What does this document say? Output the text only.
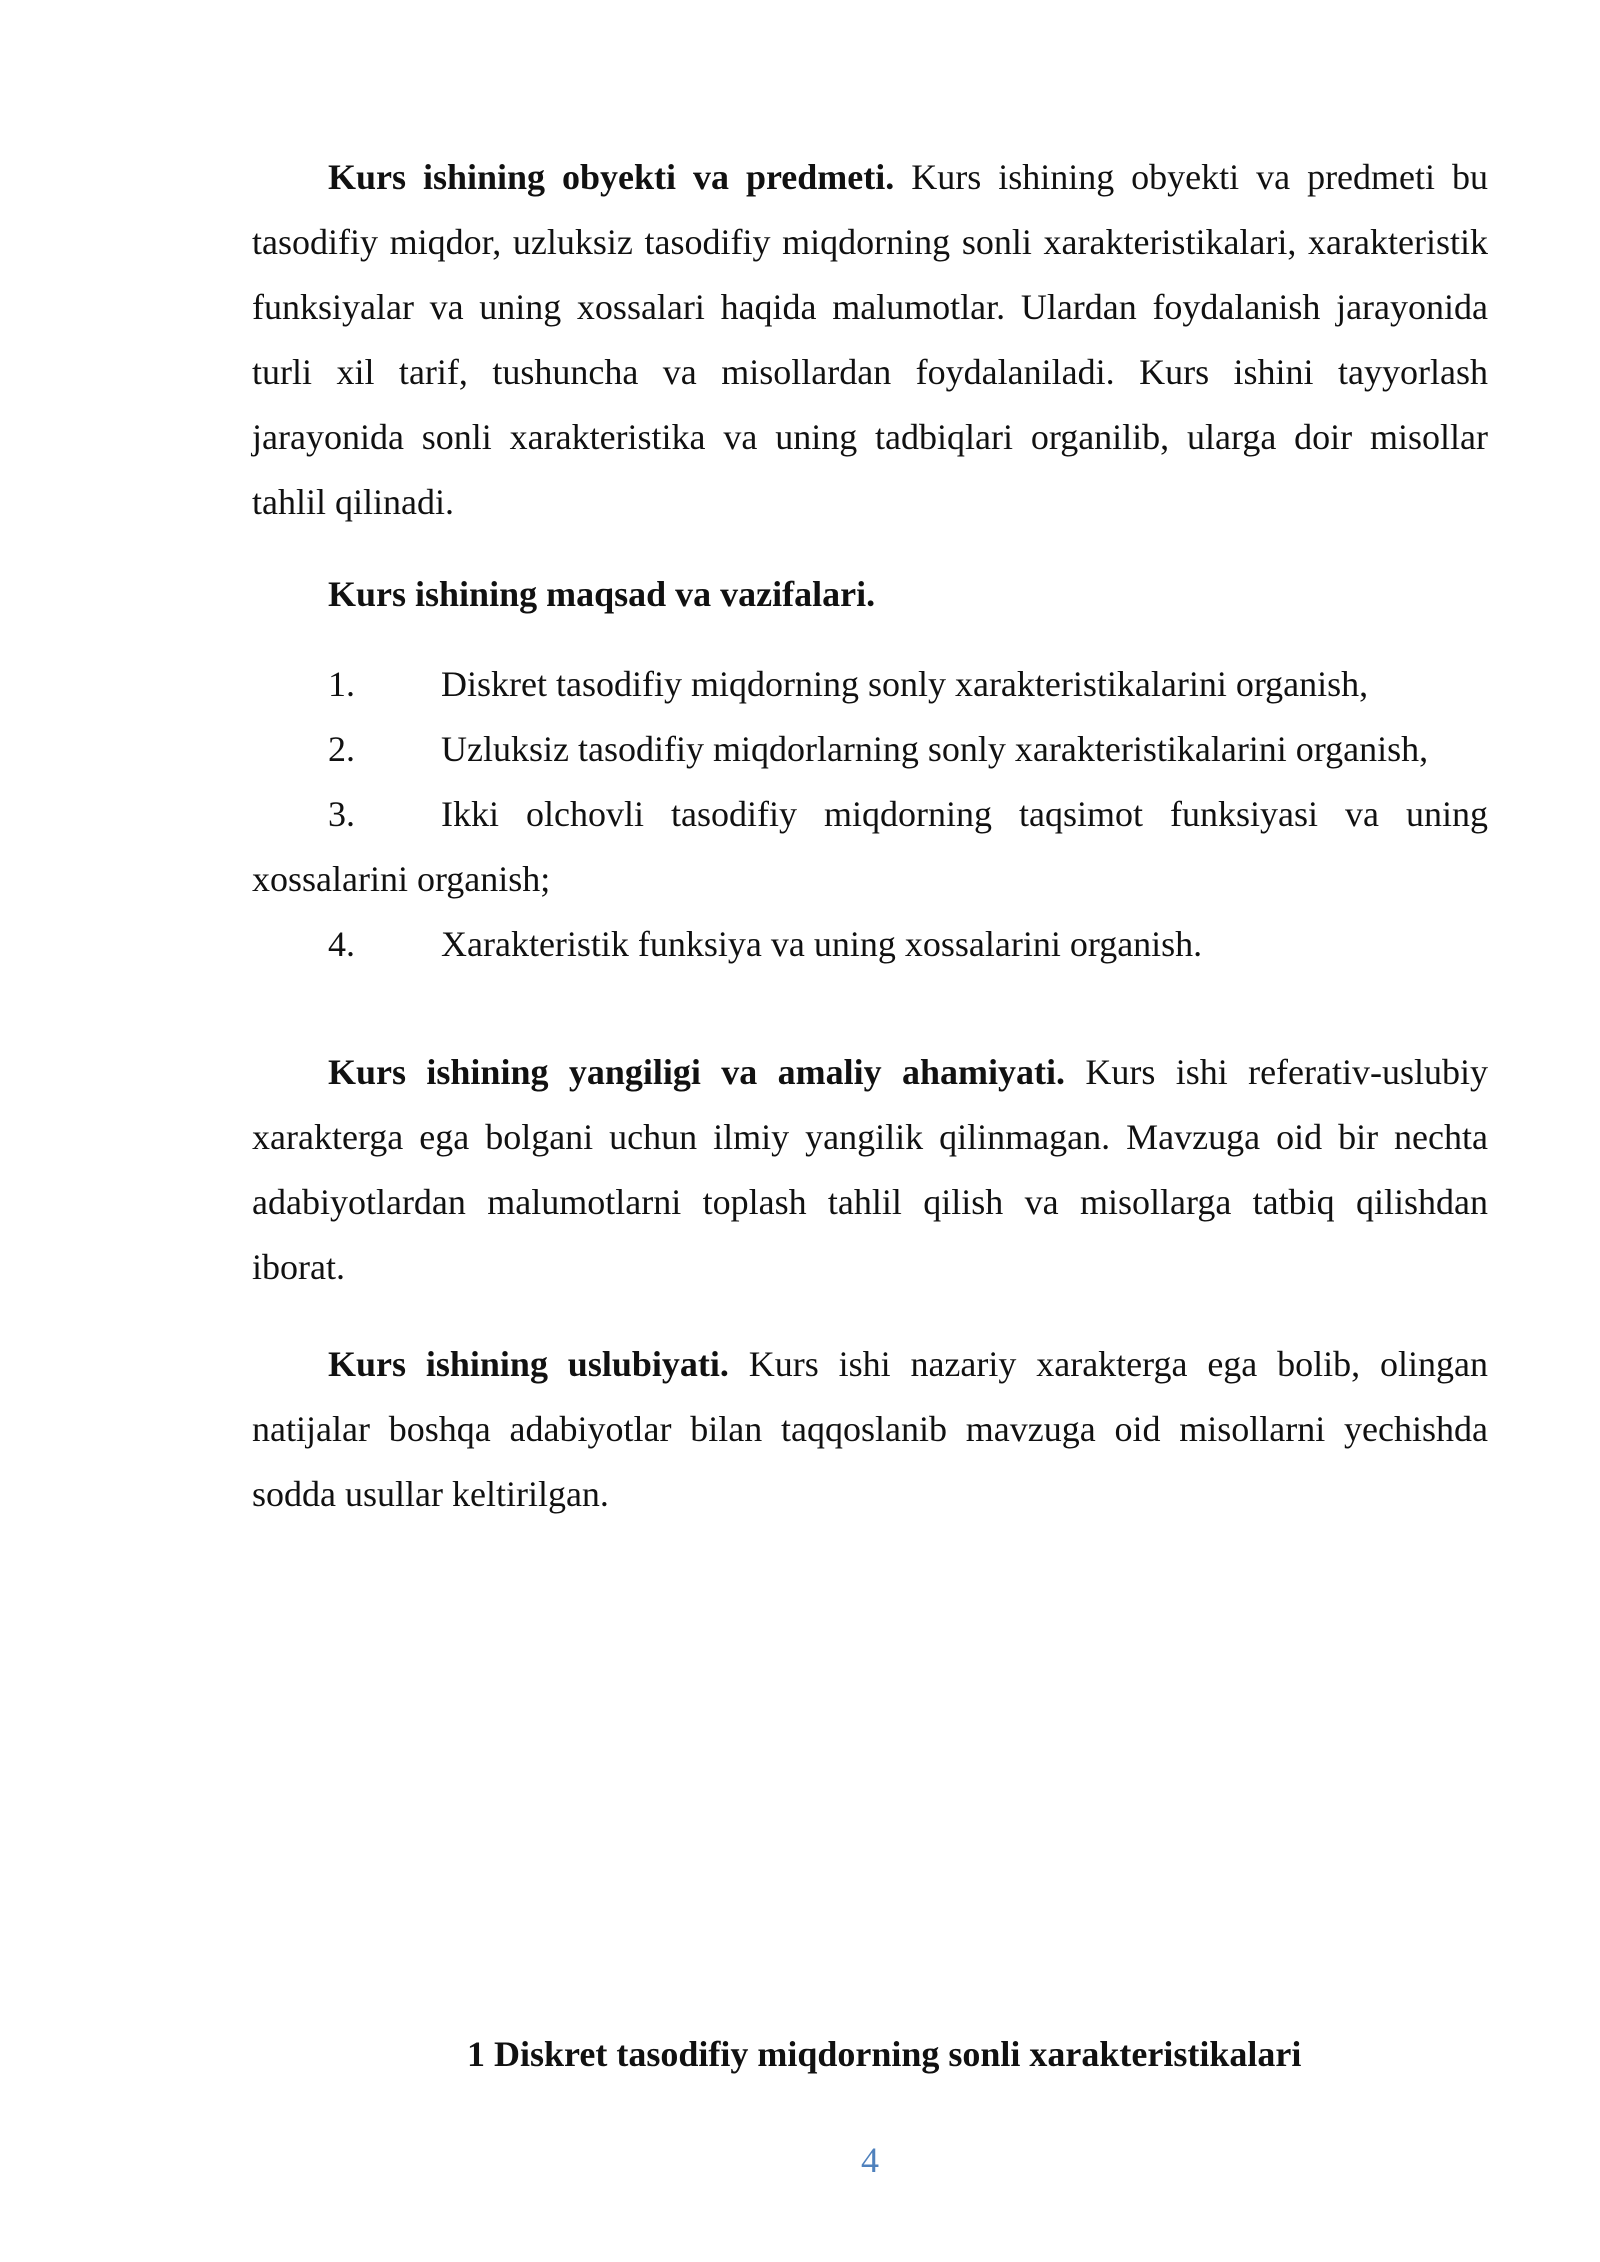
Kurs ishining obyekti va predmeti. Kurs ishining obyekti va predmeti bu tasodifiy miqdor, uzluksiz tasodifiy miqdorning sonli xarakteristikalari, xarakteristik funksiyalar va uning xossalari haqida malumotlar. Ulardan foydalanish jarayonida turli xil tarif, tushuncha va misollardan foydalaniladi. Kurs ishini tayyorlash jarayonida sonli xarakteristika va uning tadbiqlari organilib, ularga doir misollar tahlil qilinadi.

Kurs ishining maqsad va vazifalari.

1. Diskret tasodifiy miqdorning sonly xarakteristikalarini organish,

2. Uzluksiz tasodifiy miqdorlarning sonly xarakteristikalarini organish,

3. Ikki olchovli tasodifiy miqdorning taqsimot funksiyasi va uning xossalarini organish;

4. Xarakteristik funksiya va uning xossalarini organish.

Kurs ishining yangiligi va amaliy ahamiyati. Kurs ishi referativ-uslubiy xarakterga ega bolgani uchun ilmiy yangilik qilinmagan. Mavzuga oid bir nechta adabiyotlardan malumotlarni toplash tahlil qilish va misollarga tatbiq qilishdan iborat.

Kurs ishining uslubiyati. Kurs ishi nazariy xarakterga ega bolib, olingan natijalar boshqa adabiyotlar bilan taqqoslanib mavzuga oid misollarni yechishda sodda usullar keltirilgan.

1 Diskret tasodifiy miqdorning sonli xarakteristikalari
4
